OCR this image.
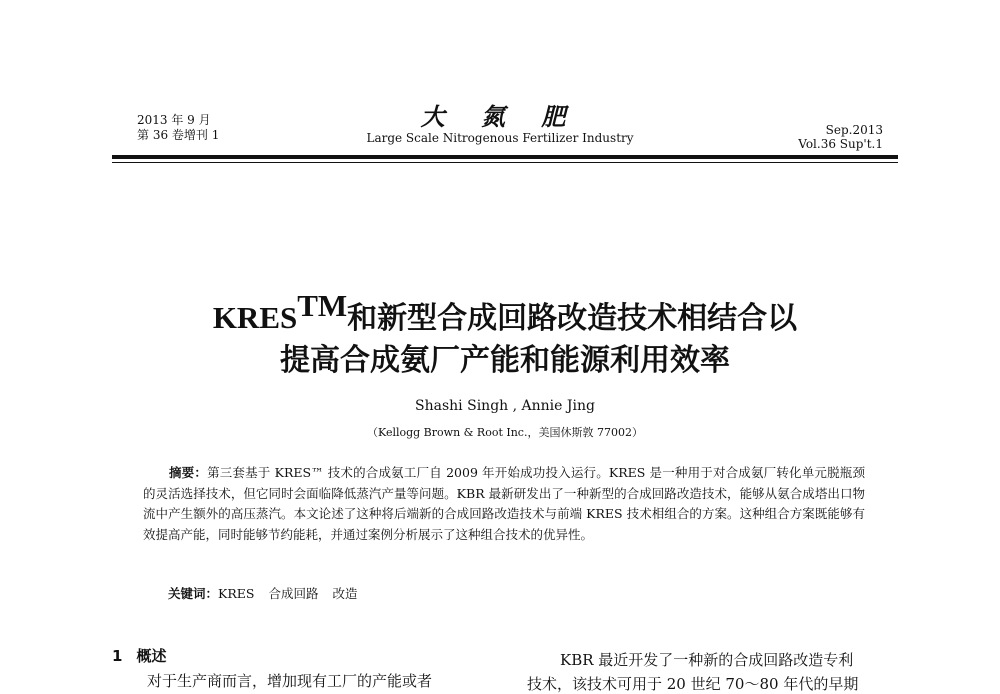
2013 年 9 月
第 36 卷增刊 1
大 氮 肥
Large Scale Nitrogenous Fertilizer Industry
Sep.2013
Vol.36 Sup't.1
KRES™和新型合成回路改造技术相结合以
提高合成氨厂产能和能源利用效率
Shashi Singh , Annie Jing
（Kellogg Brown & Root Inc.，美国休斯敦 77002）
摘要：第三套基于 KRES™ 技术的合成氨工厂自 2009 年开始成功投入运行。KRES 是一种用于对合成氨厂转化单元脱瓶颈的灵活选择技术，但它同时会面临降低蒸汽产量等问题。KBR 最新研发出了一种新型的合成回路改造技术，能够从氨合成塔出口物流中产生额外的高压蒸汽。本文论述了这种将后端新的合成回路改造技术与前端 KRES 技术相组合的方案。这种组合方案既能够有效提高产能，同时能够节约能耗，并通过案例分析展示了这种组合技术的优异性。
关键词：KRES 合成回路 改造
1 概述
对于生产商而言，增加现有工厂的产能或者
KBR 最近开发了一种新的合成回路改造专利
技术，该技术可用于 20 世纪 70～80 年代的早期
